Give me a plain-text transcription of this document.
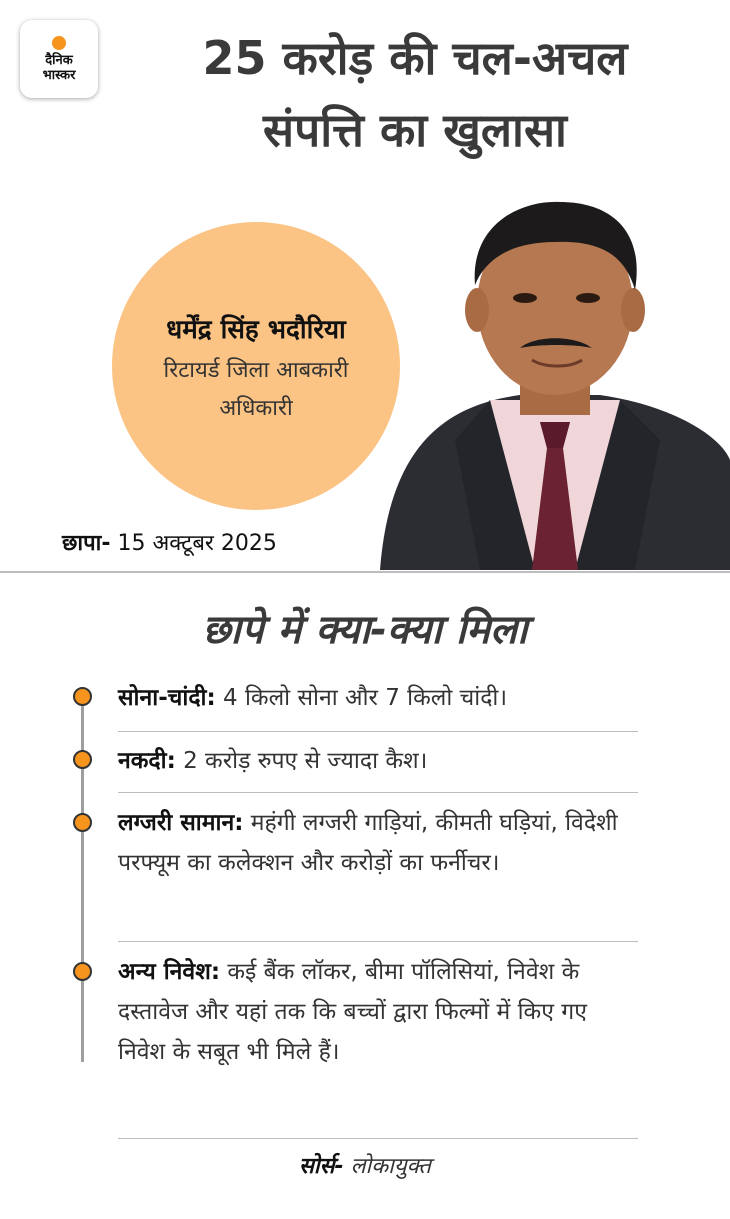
दैनिक
भास्कर	25 करोड़ की चल-अचल
संपत्ति का खुलासा
धर्मेंद्र सिंह भदौरिया
रिटायर्ड जिला आबकारी अधिकारी
छापा- 15 अक्टूबर 2025
छापे में क्या-क्या मिला
सोना-चांदी: 4 किलो सोना और 7 किलो चांदी।
नकदी: 2 करोड़ रुपए से ज्यादा कैश।
लग्जरी सामान: महंगी लग्जरी गाड़ियां, कीमती घड़ियां, विदेशी परफ्यूम का कलेक्शन और करोड़ों का फर्नीचर।
अन्य निवेश: कई बैंक लॉकर, बीमा पॉलिसियां, निवेश के दस्तावेज और यहां तक कि बच्चों द्वारा फिल्मों में किए गए निवेश के सबूत भी मिले हैं।
सोर्स- लोकायुक्त
